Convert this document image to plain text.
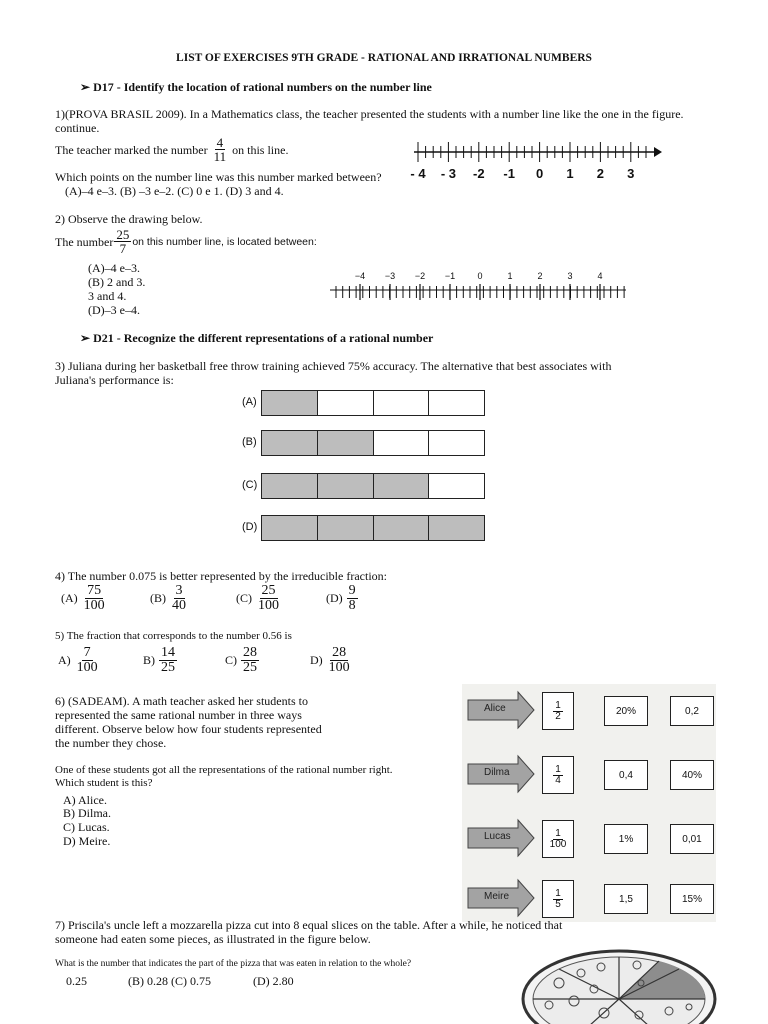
LIST OF EXERCISES 9TH GRADE - RATIONAL AND IRRATIONAL NUMBERS
➢ D17 - Identify the location of rational numbers on the number line
1)(PROVA BRASIL 2009). In a Mathematics class, the teacher presented the students with a number line like the one in the figure.
continue.
The teacher marked the number $\frac{4}{11}$ on this line.
Which points on the number line was this number marked between?
(A)–4 e–3. (B) –3 e–2. (C) 0 e 1. (D) 3 and 4.
- 4 - 3 -2 -1 0 1 2 3
2) Observe the drawing below.
The number $\frac{25}{7}$ on this number line, is located between:
(A)–4 e–3.
(B) 2 and 3.
3 and 4.
(D)–3 e–4.
−4 −3 −2 −1 0	1	2	3	4
➢ D21 - Recognize the different representations of a rational number
3) Juliana during her basketball free throw training achieved 75% accuracy. The alternative that best associates with
Juliana's performance is:
(A)
(B)
(C)
(D)
4) The number 0.075 is better represented by the irreducible fraction:
$(A) \frac{75}{100}$	$(B) \frac{3}{40}$	$(C) \frac{25}{100}$	$(D) \frac{9}{8}$
5) The fraction that corresponds to the number 0.56 is
$A) \frac{7}{100}$	$B) \frac{14}{25}$	$C) \frac{28}{25}$	$D) \frac{28}{100}$
6) (SADEAM). A math teacher asked her students to
represented the same rational number in three ways
different. Observe below how four students represented
the number they chose.
One of these students got all the representations of the rational number right.
Which student is this?
A) Alice.
B) Dilma.
C) Lucas.
D) Meire.
Alice	$\frac{1}{2}$	20%	0,2
Dilma	$\frac{1}{4}$	0,4	40%
Lucas	$\frac{1}{100}$	1%	0,01
Meire	$\frac{1}{5}$	1,5	15%
7) Priscila's uncle left a mozzarella pizza cut into 8 equal slices on the table. After a while, he noticed that
someone had eaten some pieces, as illustrated in the figure below.
What is the number that indicates the part of the pizza that was eaten in relation to the whole?
0.25	(B) 0.28 (C) 0.75	(D) 2.80
